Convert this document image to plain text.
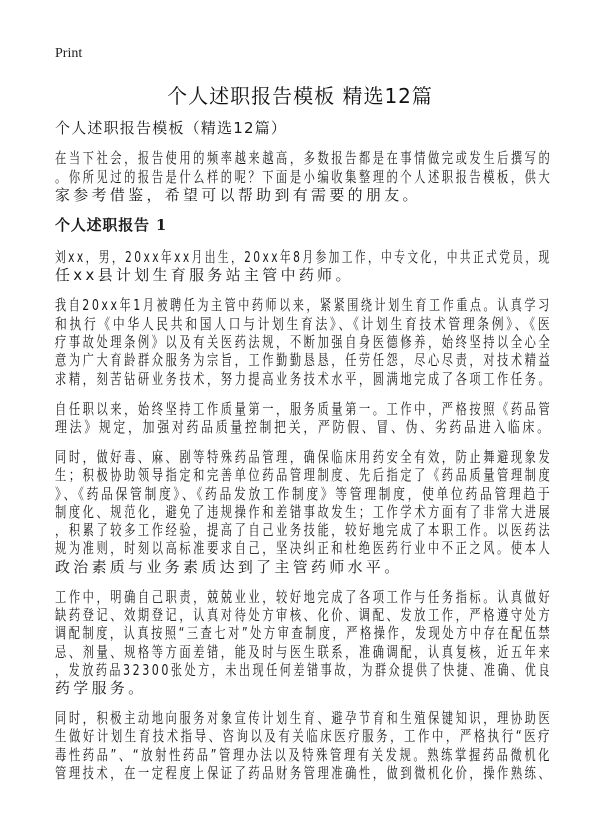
Print
个人述职报告模板 精选12篇
个人述职报告模板（精选12篇）
在当下社会，报告使用的频率越来越高，多数报告都是在事情做完或发生后撰写的
。你所见过的报告是什么样的呢？下面是小编收集整理的个人述职报告模板，供大
家参考借鉴，希望可以帮助到有需要的朋友。
个人述职报告 1
刘xx，男，20xx年xx月出生，20xx年8月参加工作，中专文化，中共正式党员，现
任xx县计划生育服务站主管中药师。
我自20xx年1月被聘任为主管中药师以来，紧紧围绕计划生育工作重点。认真学习
和执行《中华人民共和国人口与计划生育法》、《计划生育技术管理条例》、《医
疗事故处理条例》以及有关医药法规，不断加强自身医德修养，始终坚持以全心全
意为广大育龄群众服务为宗旨，工作勤勤恳恳，任劳任怨，尽心尽责，对技术精益
求精，刻苦钻研业务技术，努力提高业务技术水平，圆满地完成了各项工作任务。
自任职以来，始终坚持工作质量第一，服务质量第一。工作中，严格按照《药品管
理法》规定，加强对药品质量控制把关，严防假、冒、伪、劣药品进入临床。
同时，做好毒、麻、剧等特殊药品管理，确保临床用药安全有效，防止舞避现象发
生；积极协助领导指定和完善单位药品管理制度、先后指定了《药品质量管理制度
》、《药品保管制度》、《药品发放工作制度》等管理制度，使单位药品管理趋于
制度化、规范化，避免了违规操作和差错事故发生；工作学术方面有了非常大进展
，积累了较多工作经验，提高了自己业务技能，较好地完成了本职工作。以医药法
规为准则，时刻以高标准要求自己，坚决纠正和杜绝医药行业中不正之风。使本人
政治素质与业务素质达到了主管药师水平。
工作中，明确自己职责，兢兢业业，较好地完成了各项工作与任务指标。认真做好
缺药登记、效期登记，认真对待处方审核、化价、调配、发放工作，严格遵守处方
调配制度，认真按照“三查七对”处方审查制度，严格操作，发现处方中存在配伍禁
忌、剂量、规格等方面差错，能及时与医生联系，准确调配，认真复核，近五年来
，发放药品32300张处方，未出现任何差错事故，为群众提供了快捷、准确、优良
药学服务。
同时，积极主动地向服务对象宣传计划生育、避孕节育和生殖保键知识，理协助医
生做好计划生育技术指导、咨询以及有关临床医疗服务，工作中，严格执行“医疗
毒性药品”、“放射性药品”管理办法以及特殊管理有关发规。熟练掌握药品微机化
管理技术，在一定程度上保证了药品财务管理准确性，做到微机化价，操作熟练、
